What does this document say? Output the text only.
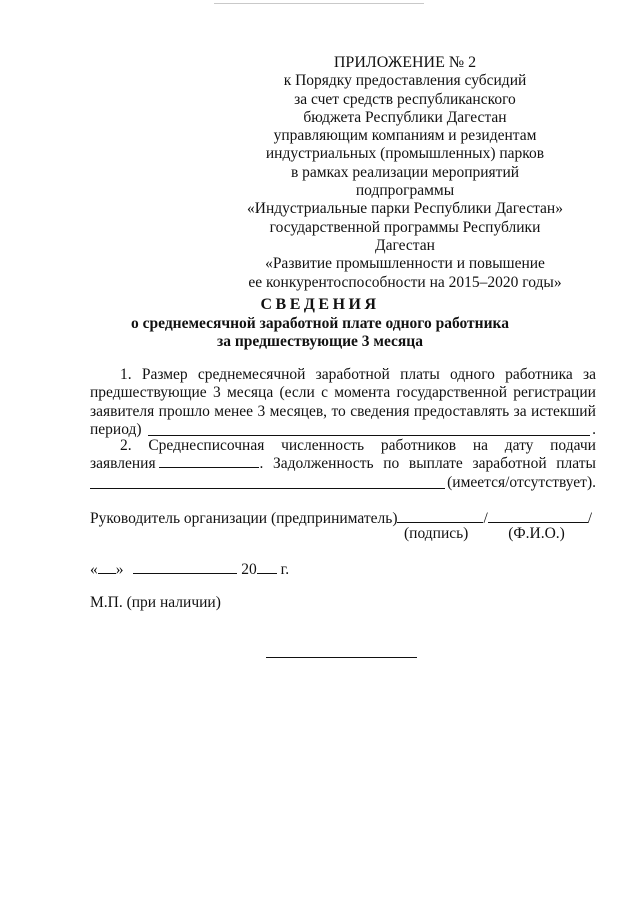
ПРИЛОЖЕНИЕ № 2
к Порядку предоставления субсидий
за счет средств республиканского
бюджета Республики Дагестан
управляющим компаниям и резидентам
индустриальных (промышленных) парков
в рамках реализации мероприятий подпрограммы
«Индустриальные парки Республики Дагестан»
государственной программы Республики Дагестан
«Развитие промышленности и повышение
ее конкурентоспособности на 2015–2020 годы»
СВЕДЕНИЯ
о среднемесячной заработной плате одного работника
за предшествующие 3 месяца
1. Размер среднемесячной заработной платы одного работника за
предшествующие 3 месяца (если с момента государственной регистрации
заявителя прошло менее 3 месяцев, то сведения предоставлять за истекший
период)	.
2. Среднесписочная численность работников на дату подачи
заявления	. Задолженность по выплате заработной платы
(имеется/отсутствует).
Руководитель организации (предприниматель)	/	/
(подпись)	(Ф.И.О.)
« »	20 г.
М.П. (при наличии)
